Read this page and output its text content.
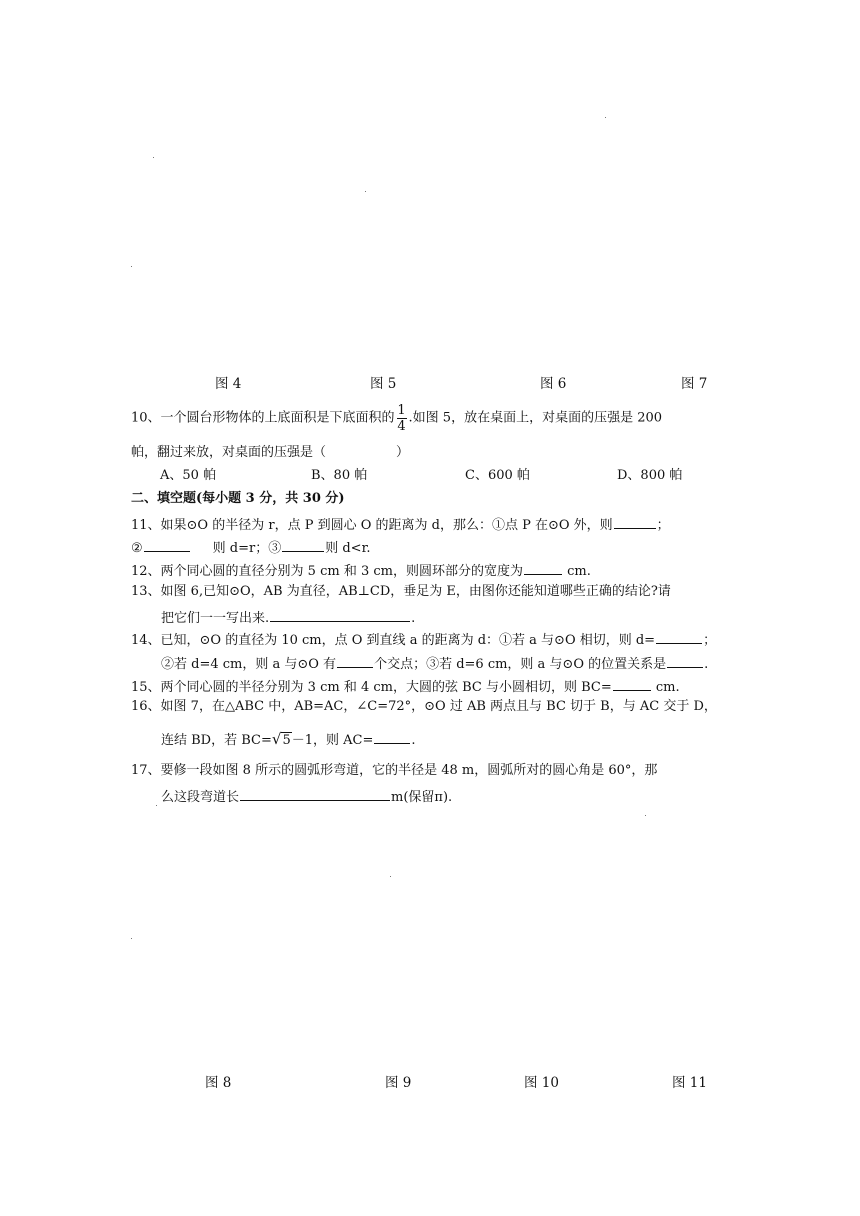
图 4	图 5	图 6	图 7
10、一个圆台形物体的上底面积是下底面积的 $\frac{1}{4}$ .如图 5，放在桌面上，对桌面的压强是 200
帕，翻过来放，对桌面的压强是（	）
A、50 帕	B、80 帕	C、600 帕	D、800 帕
二、填空题(每小题 3 分，共 30 分)
11、如果⊙O 的半径为 r，点 P 到圆心 O 的距离为 d，那么：①点 P 在⊙O 外，则	；
②	则 d=r；③	则 d<r.
12、两个同心圆的直径分别为 5 cm 和 3 cm，则圆环部分的宽度为	cm.
13、如图 6,已知⊙O，AB 为直径，AB⊥CD，垂足为 E，由图你还能知道哪些正确的结论?请
把它们一一写出来.	.
14、已知，⊙O 的直径为 10 cm，点 O 到直线 a 的距离为 d：①若 a 与⊙O 相切，则 d=	；
②若 d=4 cm，则 a 与⊙O 有	个交点；③若 d=6 cm，则 a 与⊙O 的位置关系是	.
15、两个同心圆的半径分别为 3 cm 和 4 cm，大圆的弦 BC 与小圆相切，则 BC=	cm.
16、如图 7，在△ABC 中，AB=AC，∠C=72°，⊙O 过 AB 两点且与 BC 切于 B，与 AC 交于 D，
连结 BD，若 BC=√5－1，则 AC=	.
17、要修一段如图 8 所示的圆弧形弯道，它的半径是 48 m，圆弧所对的圆心角是 60°，那
么这段弯道长	m(保留π).
图 8	图 9	图 10	图 11
